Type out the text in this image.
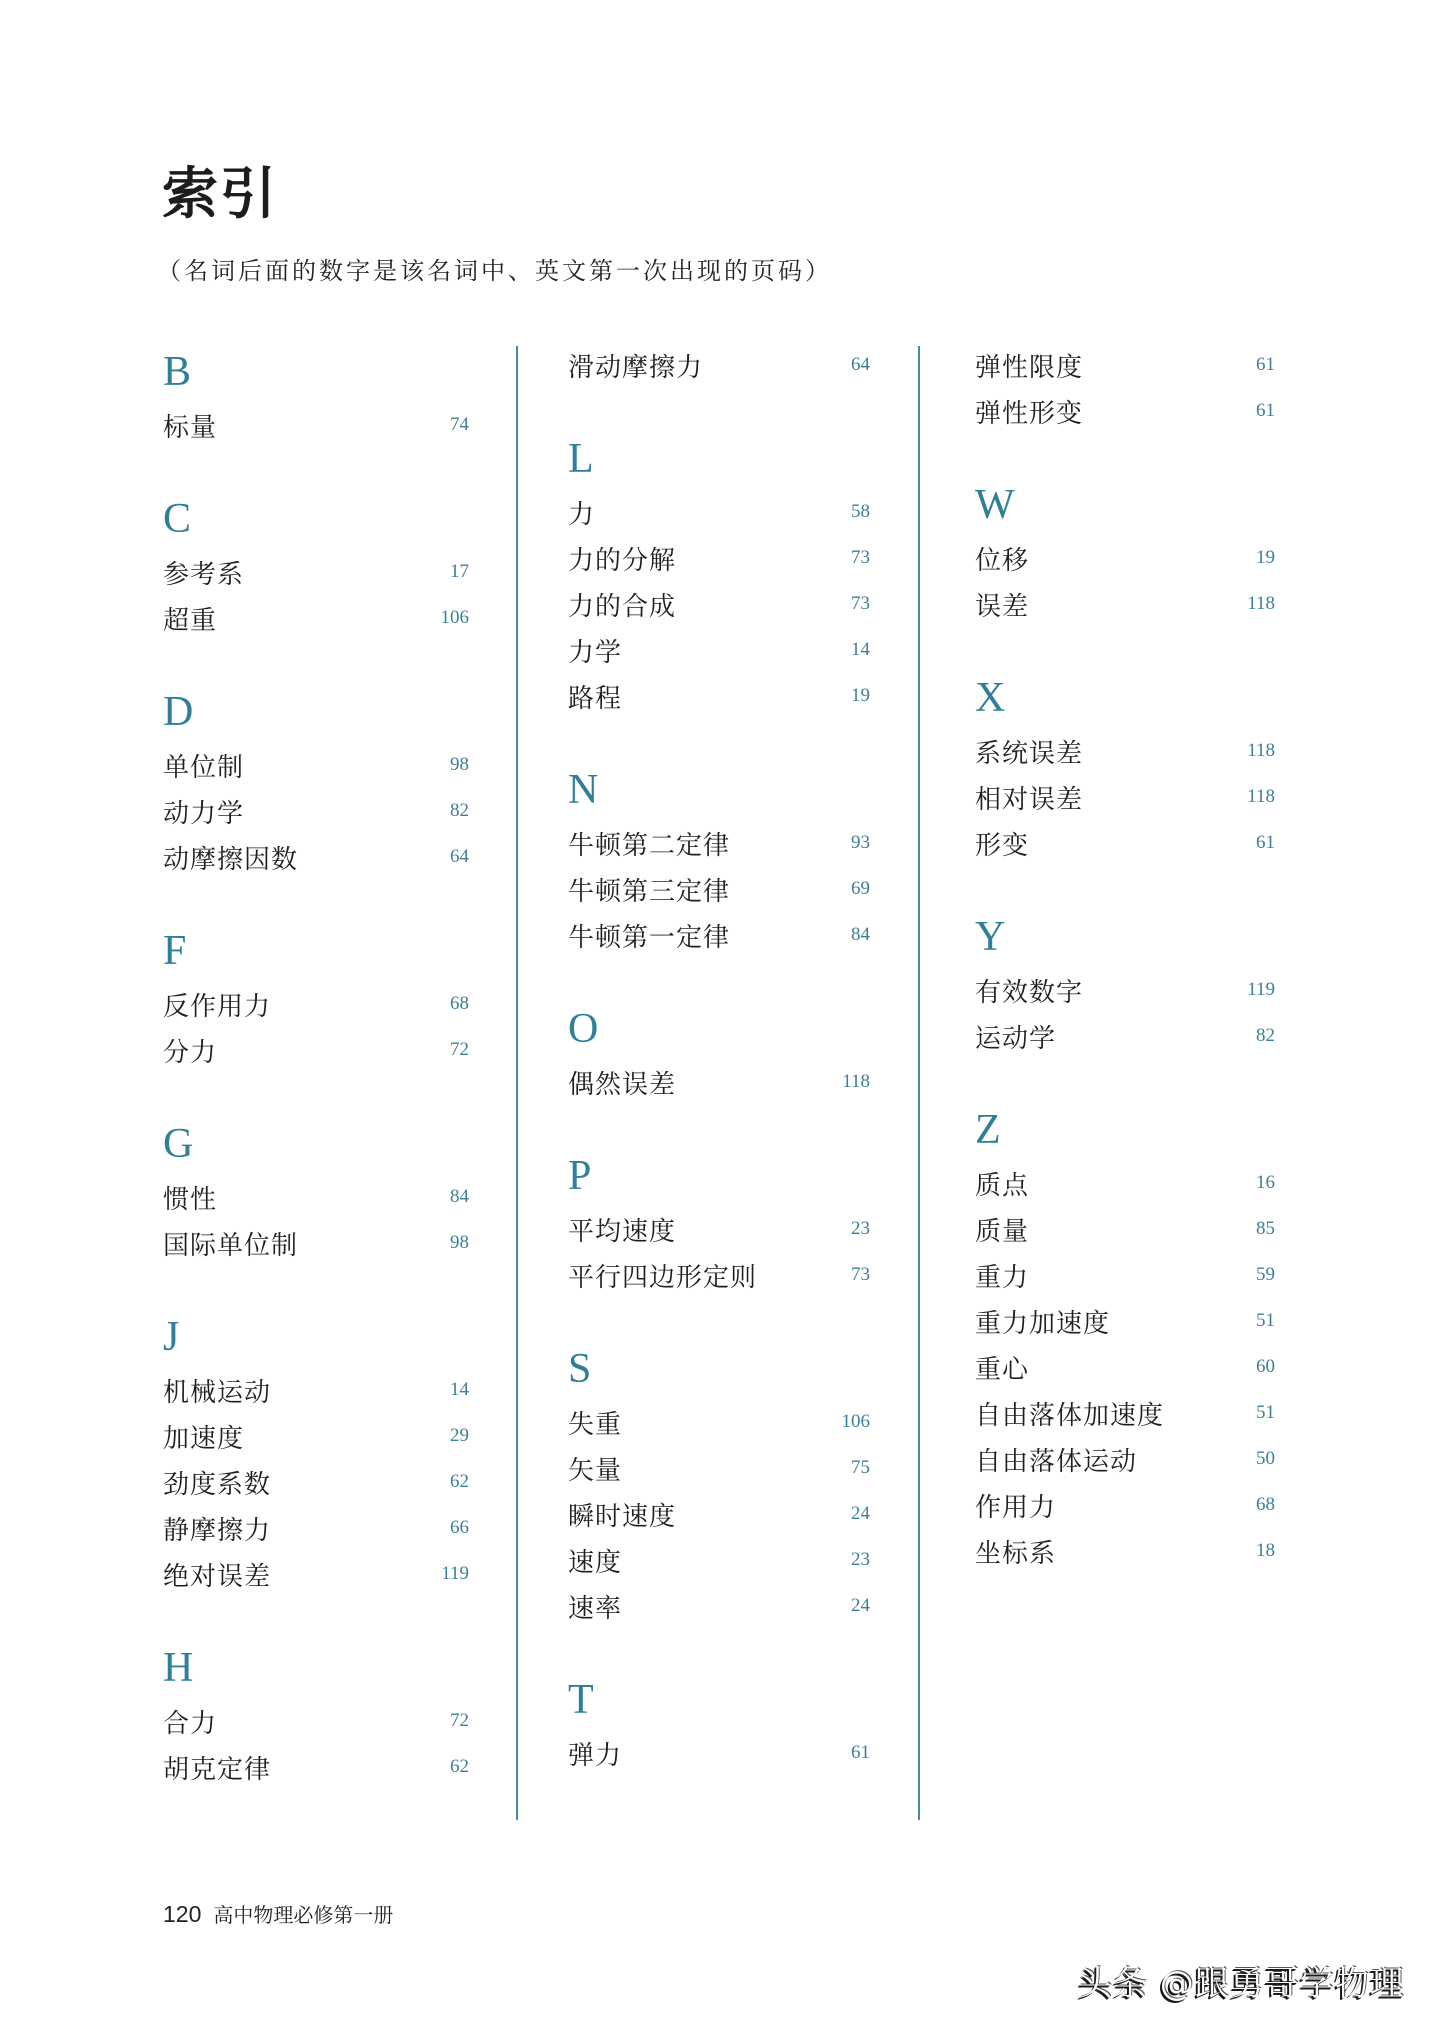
索引
（名词后面的数字是该名词中、英文第一次出现的页码）
B
标量	74
C
参考系	17
超重	106
D
单位制	98
动力学	82
动摩擦因数	64
F
反作用力	68
分力	72
G
惯性	84
国际单位制	98
J
机械运动	14
加速度	29
劲度系数	62
静摩擦力	66
绝对误差	119
H
合力	72
胡克定律	62
滑动摩擦力	64
L
力	58
力的分解	73
力的合成	73
力学	14
路程	19
N
牛顿第二定律	93
牛顿第三定律	69
牛顿第一定律	84
O
偶然误差	118
P
平均速度	23
平行四边形定则	73
S
失重	106
矢量	75
瞬时速度	24
速度	23
速率	24
T
弹力	61
弹性限度	61
弹性形变	61
W
位移	19
误差	118
X
系统误差	118
相对误差	118
形变	61
Y
有效数字	119
运动学	82
Z
质点	16
质量	85
重力	59
重力加速度	51
重心	60
自由落体加速度	51
自由落体运动	50
作用力	68
坐标系	18
120 高中物理必修第一册
头条 @跟勇哥学物理
